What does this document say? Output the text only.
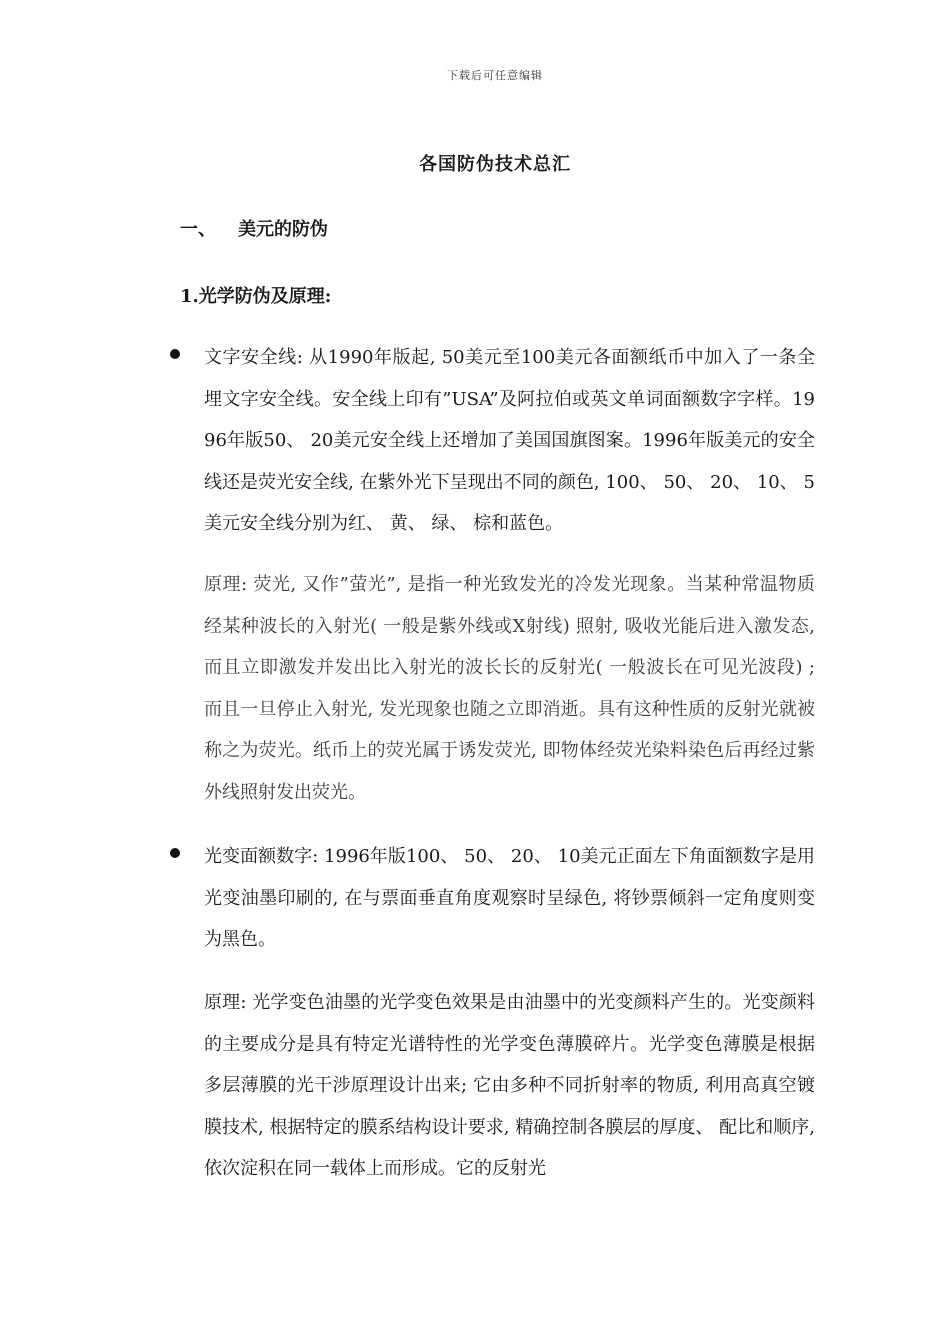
下载后可任意编辑
各国防伪技术总汇
一、 美元的防伪
1.光学防伪及原理:

文字安全线: 从1990年版起, 50美元至100美元各面额纸币中加入了一条全埋文字安全线。安全线上印有”USA”及阿拉伯或英文单词面额数字字样。1996年版50、 20美元安全线上还增加了美国国旗图案。1996年版美元的安全线还是荧光安全线, 在紫外光下呈现出不同的颜色, 100、 50、 20、 10、 5美元安全线分别为红、 黄、 绿、 棕和蓝色。

原理: 荧光, 又作”萤光”, 是指一种光致发光的冷发光现象。当某种常温物质经某种波长的入射光( 一般是紫外线或X射线) 照射, 吸收光能后进入激发态, 而且立即激发并发出比入射光的波长长的反射光( 一般波长在可见光波段) ; 而且一旦停止入射光, 发光现象也随之立即消逝。具有这种性质的反射光就被称之为荧光。纸币上的荧光属于诱发荧光, 即物体经荧光染料染色后再经过紫外线照射发出荧光。

光变面额数字: 1996年版100、 50、 20、 10美元正面左下角面额数字是用光变油墨印刷的, 在与票面垂直角度观察时呈绿色, 将钞票倾斜一定角度则变为黑色。

原理: 光学变色油墨的光学变色效果是由油墨中的光变颜料产生的。光变颜料的主要成分是具有特定光谱特性的光学变色薄膜碎片。光学变色薄膜是根据多层薄膜的光干涉原理设计出来; 它由多种不同折射率的物质, 利用高真空镀膜技术, 根据特定的膜系结构设计要求, 精确控制各膜层的厚度、 配比和顺序, 依次淀积在同一载体上而形成。它的反射光
